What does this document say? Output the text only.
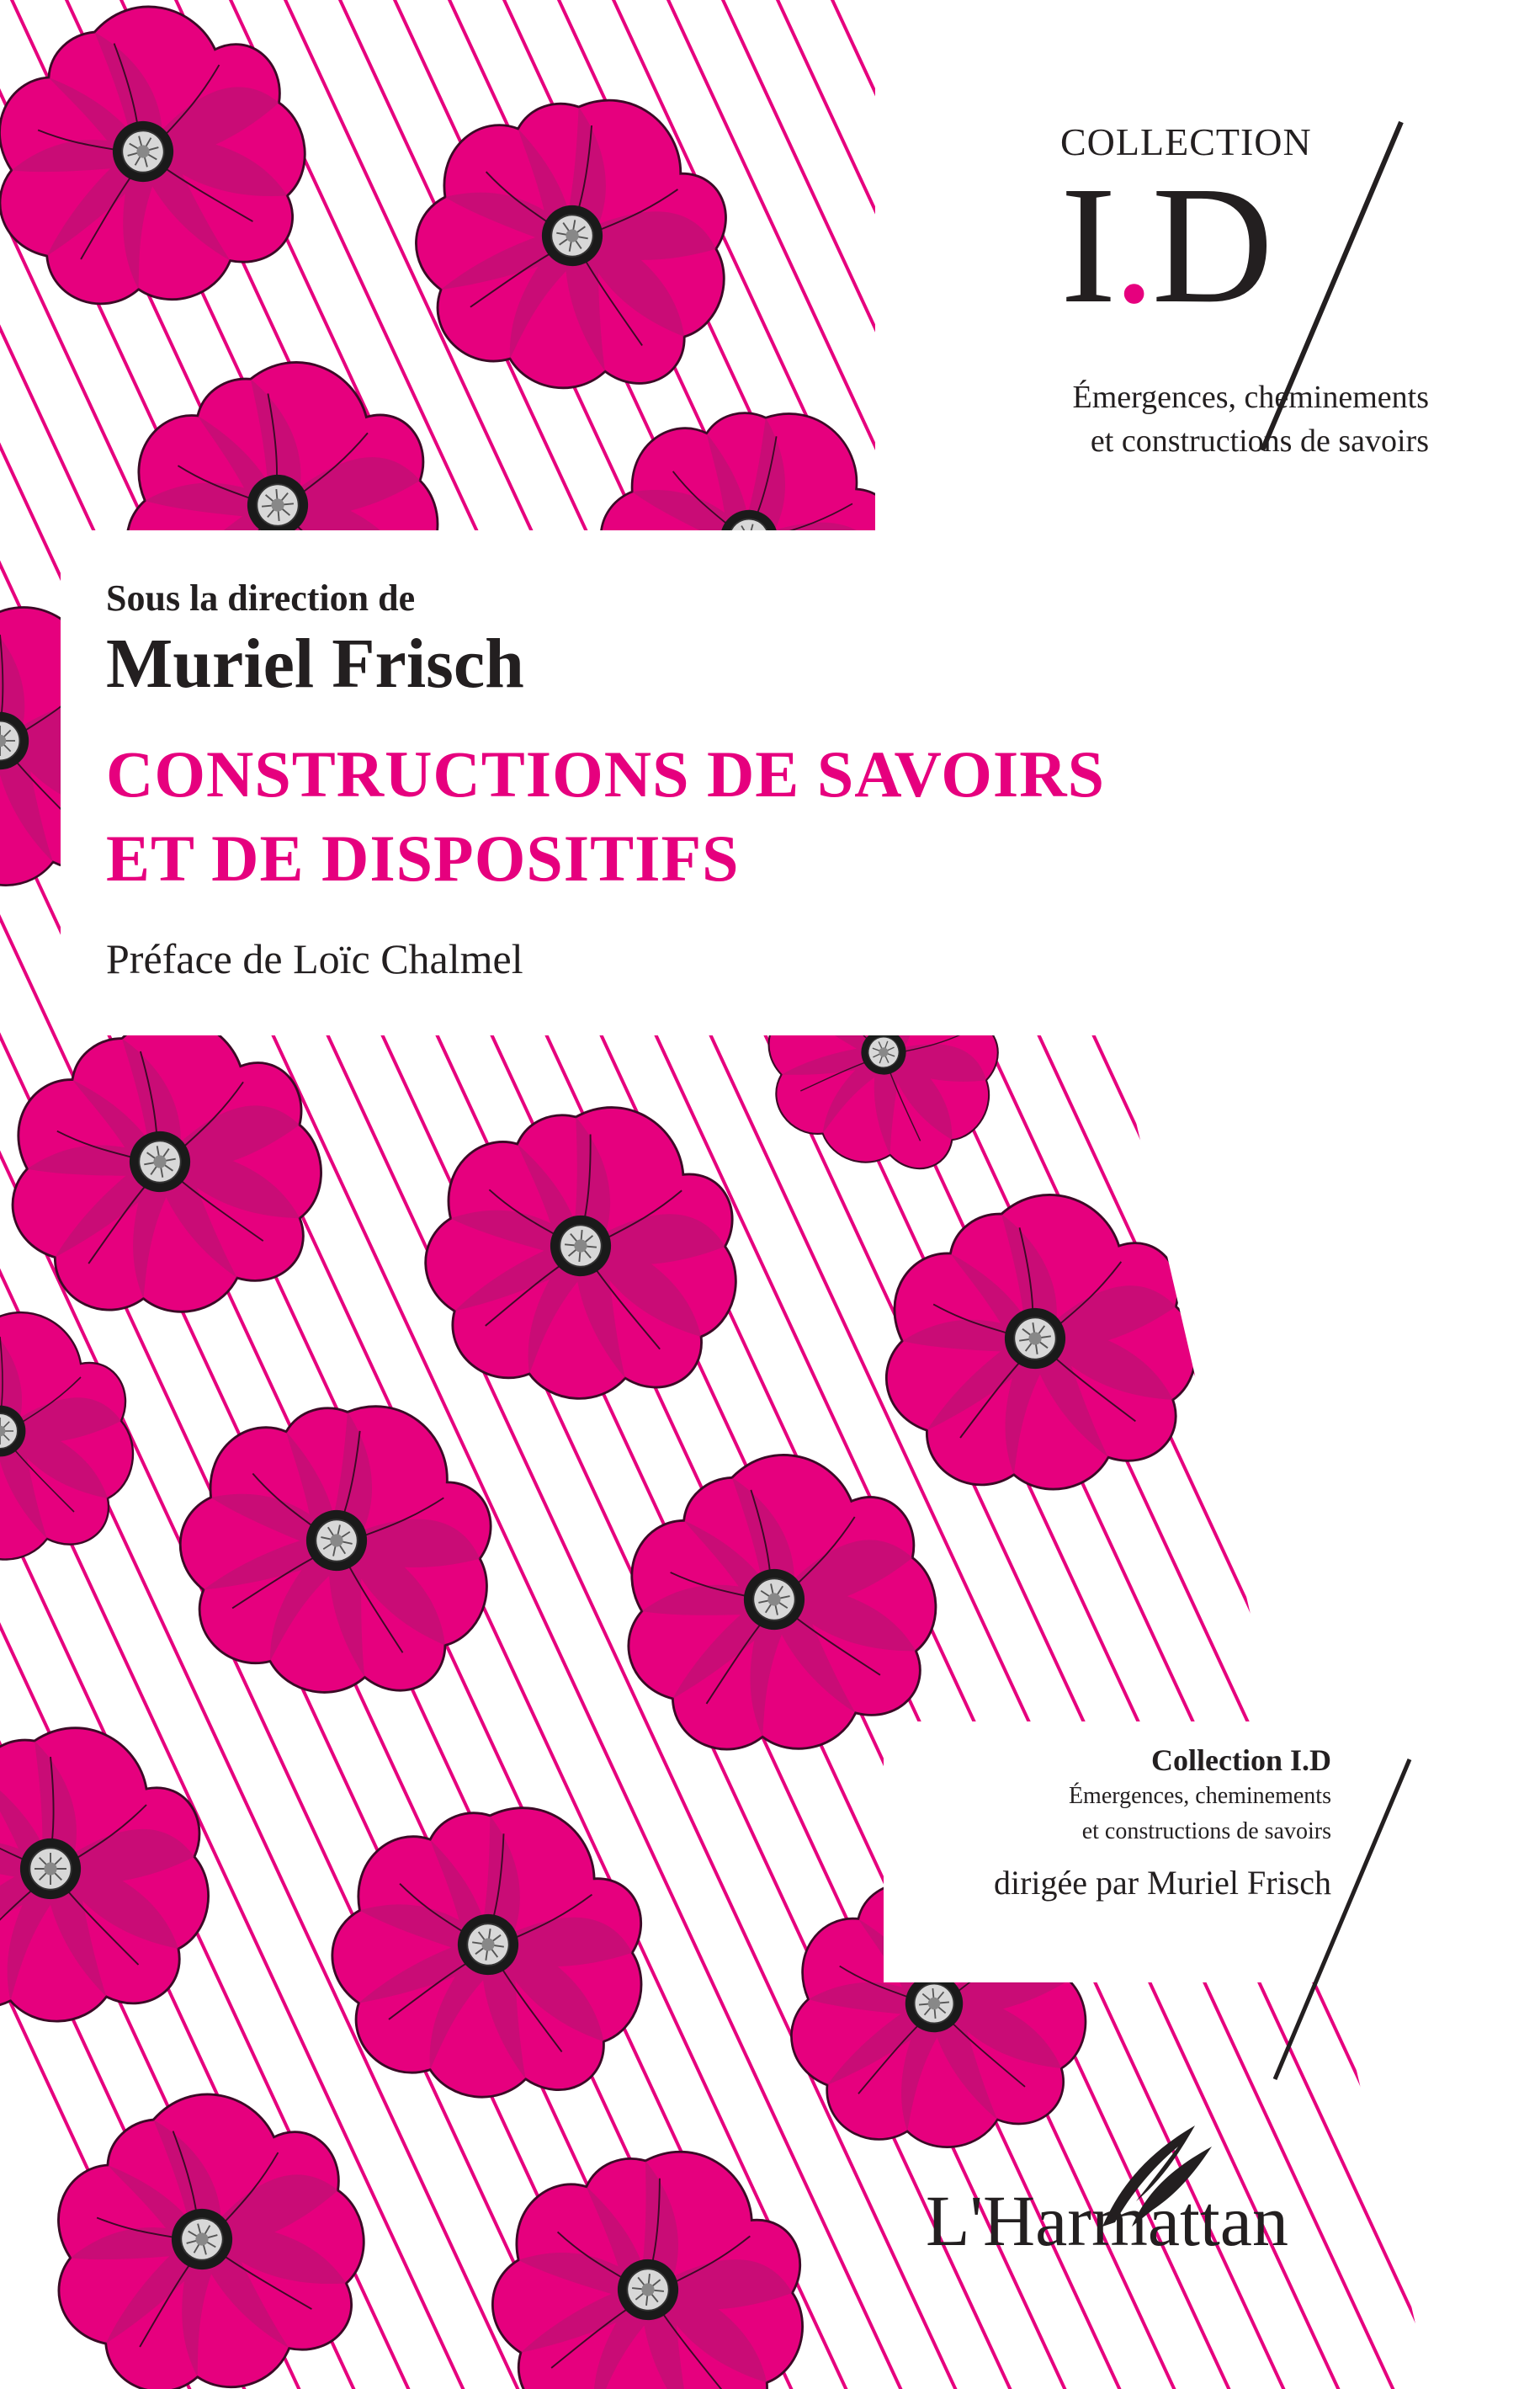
COLLECTION

I.D

Émergences, cheminements

et constructions de savoirs

Sous la direction de

Muriel Frisch

CONSTRUCTIONS DE SAVOIRS

ET DE DISPOSITIFS

Préface de Loïc Chalmel

Collection I.D

Émergences, cheminements

et constructions de savoirs

dirigée par Muriel Frisch

L'Harmattan
